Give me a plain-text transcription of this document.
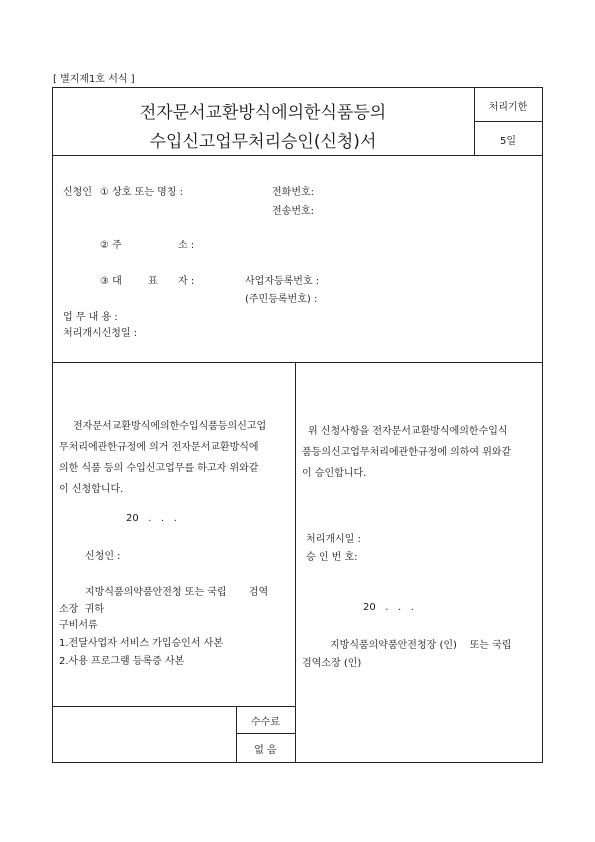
[ 별지제1호 서식 ]
전자문서교환방식에의한식품등의
수입신고업무처리승인(신청)서
처리기한
5일
신청인 ① 상호 또는 명칭 :	전화번호:
전송번호:
② 주	소 :
③ 대	표 자 :	사업자등록번호 :
(주민등록번호) :
업 무 내 용 :
처리개시신청일 :
전자문서교환방식에의한수입식품등의신고업
무처리에관한규정에 의거 전자문서교환방식에
의한 식품 등의 수입신고업무를 하고자 위와같
이 신청합니다.
20   .   .   .
신청인 :
지방식품의약품안전청 또는 국립       검역
소장  귀하
구비서류
1.전달사업자 서비스 가입승인서 사본
2.사용 프로그램 등록증 사본
수수료
없 음
위 신청사항을 전자문서교환방식에의한수입식
품등의신고업무처리에관한규정에 의하여 위와같
이 승인합니다.
처리개시일 :
승 인 번 호:
20   .   .   .
지방식품의약품안전청장 (인)    또는 국립
검역소장 (인)
